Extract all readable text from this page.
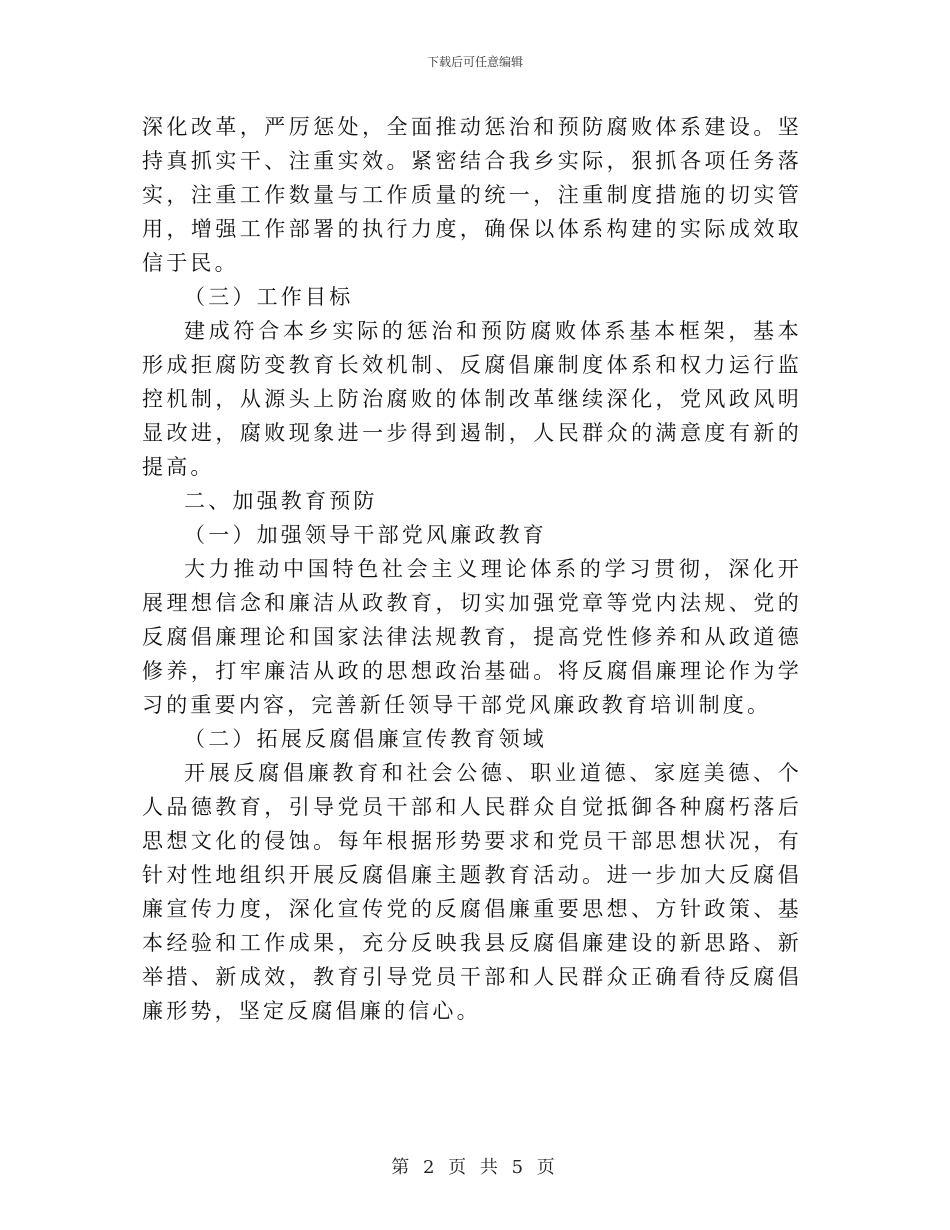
下载后可任意编辑

深化改革，严厉惩处，全面推动惩治和预防腐败体系建设。坚持真抓实干、注重实效。紧密结合我乡实际，狠抓各项任务落实，注重工作数量与工作质量的统一，注重制度措施的切实管用，增强工作部署的执行力度，确保以体系构建的实际成效取信于民。

（三）工作目标

建成符合本乡实际的惩治和预防腐败体系基本框架，基本形成拒腐防变教育长效机制、反腐倡廉制度体系和权力运行监控机制，从源头上防治腐败的体制改革继续深化，党风政风明显改进，腐败现象进一步得到遏制，人民群众的满意度有新的提高。

二、加强教育预防

（一）加强领导干部党风廉政教育

大力推动中国特色社会主义理论体系的学习贯彻，深化开展理想信念和廉洁从政教育，切实加强党章等党内法规、党的反腐倡廉理论和国家法律法规教育，提高党性修养和从政道德修养，打牢廉洁从政的思想政治基础。将反腐倡廉理论作为学习的重要内容，完善新任领导干部党风廉政教育培训制度。

（二）拓展反腐倡廉宣传教育领域

开展反腐倡廉教育和社会公德、职业道德、家庭美德、个人品德教育，引导党员干部和人民群众自觉抵御各种腐朽落后思想文化的侵蚀。每年根据形势要求和党员干部思想状况，有针对性地组织开展反腐倡廉主题教育活动。进一步加大反腐倡廉宣传力度，深化宣传党的反腐倡廉重要思想、方针政策、基本经验和工作成果，充分反映我县反腐倡廉建设的新思路、新举措、新成效，教育引导党员干部和人民群众正确看待反腐倡廉形势，坚定反腐倡廉的信心。

第 2 页 共 5 页
